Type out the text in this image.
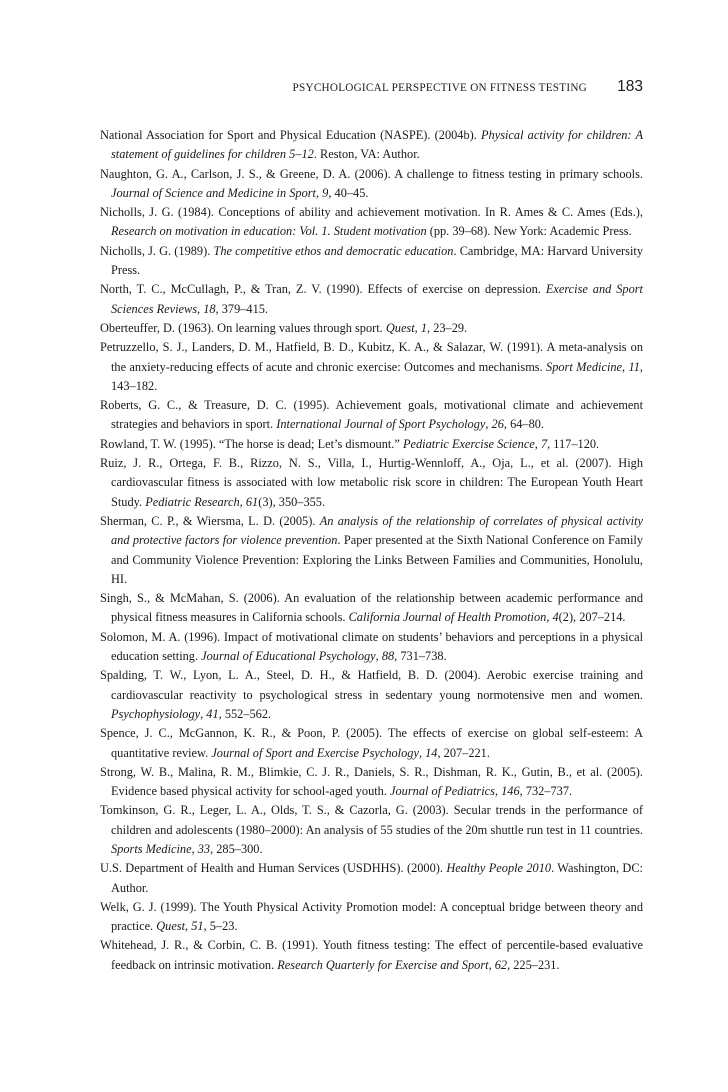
PSYCHOLOGICAL PERSPECTIVE ON FITNESS TESTING 183
National Association for Sport and Physical Education (NASPE). (2004b). Physical activity for children: A statement of guidelines for children 5–12. Reston, VA: Author.
Naughton, G. A., Carlson, J. S., & Greene, D. A. (2006). A challenge to fitness testing in primary schools. Journal of Science and Medicine in Sport, 9, 40–45.
Nicholls, J. G. (1984). Conceptions of ability and achievement motivation. In R. Ames & C. Ames (Eds.), Research on motivation in education: Vol. 1. Student motivation (pp. 39–68). New York: Academic Press.
Nicholls, J. G. (1989). The competitive ethos and democratic education. Cambridge, MA: Harvard University Press.
North, T. C., McCullagh, P., & Tran, Z. V. (1990). Effects of exercise on depression. Exercise and Sport Sciences Reviews, 18, 379–415.
Oberteuffer, D. (1963). On learning values through sport. Quest, 1, 23–29.
Petruzzello, S. J., Landers, D. M., Hatfield, B. D., Kubitz, K. A., & Salazar, W. (1991). A meta-analysis on the anxiety-reducing effects of acute and chronic exercise: Outcomes and mechanisms. Sport Medicine, 11, 143–182.
Roberts, G. C., & Treasure, D. C. (1995). Achievement goals, motivational climate and achievement strategies and behaviors in sport. International Journal of Sport Psychology, 26, 64–80.
Rowland, T. W. (1995). “The horse is dead; Let’s dismount.” Pediatric Exercise Science, 7, 117–120.
Ruiz, J. R., Ortega, F. B., Rizzo, N. S., Villa, I., Hurtig-Wennloff, A., Oja, L., et al. (2007). High cardiovascular fitness is associated with low metabolic risk score in children: The European Youth Heart Study. Pediatric Research, 61(3), 350–355.
Sherman, C. P., & Wiersma, L. D. (2005). An analysis of the relationship of correlates of physical activity and protective factors for violence prevention. Paper presented at the Sixth National Conference on Family and Community Violence Prevention: Exploring the Links Between Families and Communities, Honolulu, HI.
Singh, S., & McMahan, S. (2006). An evaluation of the relationship between academic performance and physical fitness measures in California schools. California Journal of Health Promotion, 4(2), 207–214.
Solomon, M. A. (1996). Impact of motivational climate on students’ behaviors and perceptions in a physical education setting. Journal of Educational Psychology, 88, 731–738.
Spalding, T. W., Lyon, L. A., Steel, D. H., & Hatfield, B. D. (2004). Aerobic exercise training and cardiovascular reactivity to psychological stress in sedentary young normotensive men and women. Psychophysiology, 41, 552–562.
Spence, J. C., McGannon, K. R., & Poon, P. (2005). The effects of exercise on global self-esteem: A quantitative review. Journal of Sport and Exercise Psychology, 14, 207–221.
Strong, W. B., Malina, R. M., Blimkie, C. J. R., Daniels, S. R., Dishman, R. K., Gutin, B., et al. (2005). Evidence based physical activity for school-aged youth. Journal of Pediatrics, 146, 732–737.
Tomkinson, G. R., Leger, L. A., Olds, T. S., & Cazorla, G. (2003). Secular trends in the performance of children and adolescents (1980–2000): An analysis of 55 studies of the 20m shuttle run test in 11 countries. Sports Medicine, 33, 285–300.
U.S. Department of Health and Human Services (USDHHS). (2000). Healthy People 2010. Washington, DC: Author.
Welk, G. J. (1999). The Youth Physical Activity Promotion model: A conceptual bridge between theory and practice. Quest, 51, 5–23.
Whitehead, J. R., & Corbin, C. B. (1991). Youth fitness testing: The effect of percentile-based evaluative feedback on intrinsic motivation. Research Quarterly for Exercise and Sport, 62, 225–231.
